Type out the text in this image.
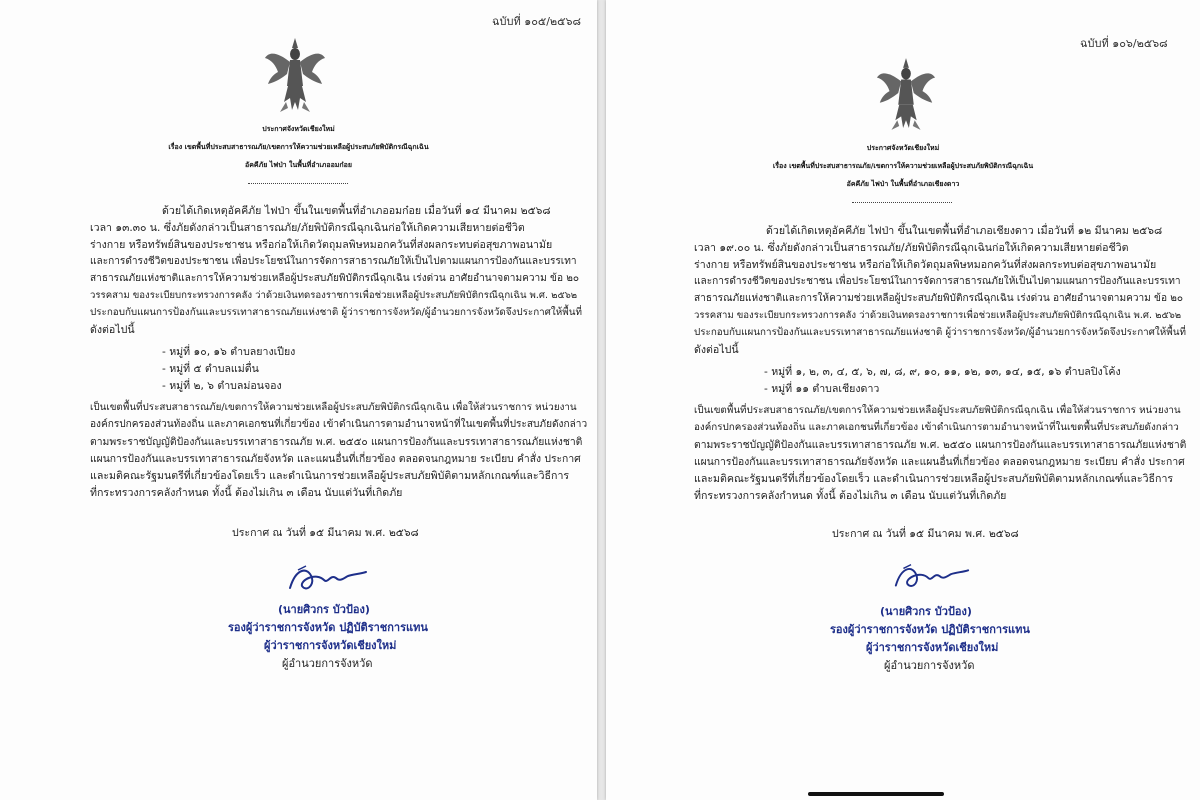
ฉบับที่ ๑๐๕/๒๕๖๘
ประกาศจังหวัดเชียงใหม่
เรื่อง เขตพื้นที่ประสบสาธารณภัย/เขตการให้ความช่วยเหลือผู้ประสบภัยพิบัติกรณีฉุกเฉิน
อัคคีภัย ไฟป่า ในพื้นที่อำเภออมก๋อย
ด้วยได้เกิดเหตุอัคคีภัย ไฟป่า ขึ้นในเขตพื้นที่อำเภออมก๋อย เมื่อวันที่ ๑๔ มีนาคม ๒๕๖๘
เวลา ๑๓.๓๐ น. ซึ่งภัยดังกล่าวเป็นสาธารณภัย/ภัยพิบัติกรณีฉุกเฉินก่อให้เกิดความเสียหายต่อชีวิต
ร่างกาย หรือทรัพย์สินของประชาชน หรือก่อให้เกิดวัตถุมลพิษหมอกควันที่ส่งผลกระทบต่อสุขภาพอนามัย
และการดำรงชีวิตของประชาชน เพื่อประโยชน์ในการจัดการสาธารณภัยให้เป็นไปตามแผนการป้องกันและบรรเทา
สาธารณภัยแห่งชาติและการให้ความช่วยเหลือผู้ประสบภัยพิบัติกรณีฉุกเฉิน เร่งด่วน อาศัยอำนาจตามความ ข้อ ๒๐
วรรคสาม ของระเบียบกระทรวงการคลัง ว่าด้วยเงินทดรองราชการเพื่อช่วยเหลือผู้ประสบภัยพิบัติกรณีฉุกเฉิน พ.ศ. ๒๕๖๒
ประกอบกับแผนการป้องกันและบรรเทาสาธารณภัยแห่งชาติ ผู้ว่าราชการจังหวัด/ผู้อำนวยการจังหวัดจึงประกาศให้พื้นที่
ดังต่อไปนี้
- หมู่ที่ ๑๐, ๑๖ ตำบลยางเปียง
- หมู่ที่ ๕ ตำบลแม่ตื่น
- หมู่ที่ ๒, ๖ ตำบลม่อนจอง
เป็นเขตพื้นที่ประสบสาธารณภัย/เขตการให้ความช่วยเหลือผู้ประสบภัยพิบัติกรณีฉุกเฉิน เพื่อให้ส่วนราชการ หน่วยงาน
องค์กรปกครองส่วนท้องถิ่น และภาคเอกชนที่เกี่ยวข้อง เข้าดำเนินการตามอำนาจหน้าที่ในเขตพื้นที่ประสบภัยดังกล่าว
ตามพระราชบัญญัติป้องกันและบรรเทาสาธารณภัย พ.ศ. ๒๕๕๐ แผนการป้องกันและบรรเทาสาธารณภัยแห่งชาติ
แผนการป้องกันและบรรเทาสาธารณภัยจังหวัด และแผนอื่นที่เกี่ยวข้อง ตลอดจนกฎหมาย ระเบียบ คำสั่ง ประกาศ
และมติคณะรัฐมนตรีที่เกี่ยวข้องโดยเร็ว และดำเนินการช่วยเหลือผู้ประสบภัยพิบัติตามหลักเกณฑ์และวิธีการ
ที่กระทรวงการคลังกำหนด ทั้งนี้ ต้องไม่เกิน ๓ เดือน นับแต่วันที่เกิดภัย
ประกาศ ณ วันที่ ๑๕ มีนาคม พ.ศ. ๒๕๖๘
(นายศิวกร บัวป้อง)
รองผู้ว่าราชการจังหวัด ปฏิบัติราชการแทน
ผู้ว่าราชการจังหวัดเชียงใหม่
ผู้อำนวยการจังหวัด
ฉบับที่ ๑๐๖/๒๕๖๘
ประกาศจังหวัดเชียงใหม่
เรื่อง เขตพื้นที่ประสบสาธารณภัย/เขตการให้ความช่วยเหลือผู้ประสบภัยพิบัติกรณีฉุกเฉิน
อัคคีภัย ไฟป่า ในพื้นที่อำเภอเชียงดาว
ด้วยได้เกิดเหตุอัคคีภัย ไฟป่า ขึ้นในเขตพื้นที่อำเภอเชียงดาว เมื่อวันที่ ๑๒ มีนาคม ๒๕๖๘
เวลา ๑๙.๐๐ น. ซึ่งภัยดังกล่าวเป็นสาธารณภัย/ภัยพิบัติกรณีฉุกเฉินก่อให้เกิดความเสียหายต่อชีวิต
ร่างกาย หรือทรัพย์สินของประชาชน หรือก่อให้เกิดวัตถุมลพิษหมอกควันที่ส่งผลกระทบต่อสุขภาพอนามัย
และการดำรงชีวิตของประชาชน เพื่อประโยชน์ในการจัดการสาธารณภัยให้เป็นไปตามแผนการป้องกันและบรรเทา
สาธารณภัยแห่งชาติและการให้ความช่วยเหลือผู้ประสบภัยพิบัติกรณีฉุกเฉิน เร่งด่วน อาศัยอำนาจตามความ ข้อ ๒๐
วรรคสาม ของระเบียบกระทรวงการคลัง ว่าด้วยเงินทดรองราชการเพื่อช่วยเหลือผู้ประสบภัยพิบัติกรณีฉุกเฉิน พ.ศ. ๒๕๖๒
ประกอบกับแผนการป้องกันและบรรเทาสาธารณภัยแห่งชาติ ผู้ว่าราชการจังหวัด/ผู้อำนวยการจังหวัดจึงประกาศให้พื้นที่
ดังต่อไปนี้
- หมู่ที่ ๑, ๒, ๓, ๔, ๕, ๖, ๗, ๘, ๙, ๑๐, ๑๑, ๑๒, ๑๓, ๑๔, ๑๕, ๑๖ ตำบลปิงโค้ง
- หมู่ที่ ๑๑ ตำบลเชียงดาว
เป็นเขตพื้นที่ประสบสาธารณภัย/เขตการให้ความช่วยเหลือผู้ประสบภัยพิบัติกรณีฉุกเฉิน เพื่อให้ส่วนราชการ หน่วยงาน
องค์กรปกครองส่วนท้องถิ่น และภาคเอกชนที่เกี่ยวข้อง เข้าดำเนินการตามอำนาจหน้าที่ในเขตพื้นที่ประสบภัยดังกล่าว
ตามพระราชบัญญัติป้องกันและบรรเทาสาธารณภัย พ.ศ. ๒๕๕๐ แผนการป้องกันและบรรเทาสาธารณภัยแห่งชาติ
แผนการป้องกันและบรรเทาสาธารณภัยจังหวัด และแผนอื่นที่เกี่ยวข้อง ตลอดจนกฎหมาย ระเบียบ คำสั่ง ประกาศ
และมติคณะรัฐมนตรีที่เกี่ยวข้องโดยเร็ว และดำเนินการช่วยเหลือผู้ประสบภัยพิบัติตามหลักเกณฑ์และวิธีการ
ที่กระทรวงการคลังกำหนด ทั้งนี้ ต้องไม่เกิน ๓ เดือน นับแต่วันที่เกิดภัย
ประกาศ ณ วันที่ ๑๕ มีนาคม พ.ศ. ๒๕๖๘
(นายศิวกร บัวป้อง)
รองผู้ว่าราชการจังหวัด ปฏิบัติราชการแทน
ผู้ว่าราชการจังหวัดเชียงใหม่
ผู้อำนวยการจังหวัด
